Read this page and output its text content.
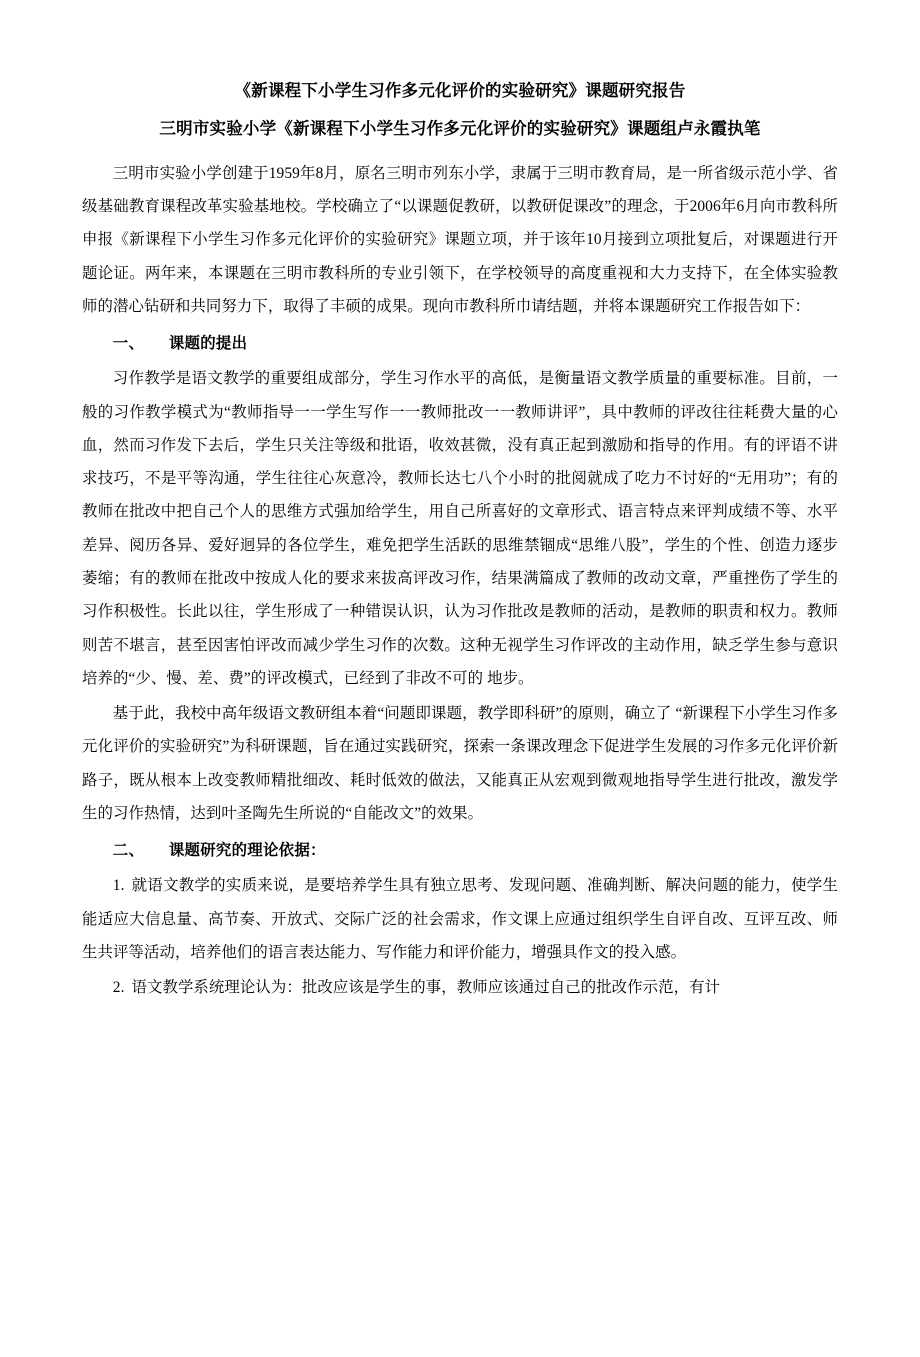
《新课程下小学生习作多元化评价的实验研究》课题研究报告
三明市实验小学《新课程下小学生习作多元化评价的实验研究》课题组卢永霞执笔

三明市实验小学创建于1959年8月，原名三明市列东小学，隶属于三明市教育局，是一所省级示范小学、省级基础教育课程改革实验基地校。学校确立了“以课题促教研，以教研促课改”的理念，于2006年6月向市教科所申报《新课程下小学生习作多元化评价的实验研究》课题立项，并于该年10月接到立项批复后，对课题进行开题论证。两年来，本课题在三明市教科所的专业引领下，在学校领导的高度重视和大力支持下，在全体实验教师的潜心钻研和共同努力下，取得了丰硕的成果。现向市教科所巾请结题，并将本课题研究工作报告如下：

一、 课题的提出

习作教学是语文教学的重要组成部分，学生习作水平的高低，是衡量语文教学质量的重要标准。目前，一般的习作教学模式为“教师指导一一学生写作一一教师批改一一教师讲评”，具中教师的评改往往耗费大量的心血，然而习作发下去后，学生只关注等级和批语，收效甚微，没有真正起到激励和指导的作用。有的评语不讲求技巧，不是平等沟通，学生往往心灰意冷，教师长达七八个小时的批阅就成了吃力不讨好的“无用功”；有的教师在批改中把自己个人的思维方式强加给学生，用自己所喜好的文章形式、语言特点来评判成绩不等、水平差异、阅历各异、爱好迥异的各位学生，难免把学生活跃的思维禁锢成“思维八股”，学生的个性、创造力逐步萎缩；有的教师在批改中按成人化的要求来拔高评改习作，结果满篇成了教师的改动文章，严重挫伤了学生的习作积极性。长此以往，学生形成了一种错误认识，认为习作批改是教师的活动，是教师的职责和权力。教师则苦不堪言，甚至因害怕评改而减少学生习作的次数。这种无视学生习作评改的主动作用，缺乏学生参与意识培养的“少、慢、差、费”的评改模式，已经到了非改不可的 地步。

基于此，我校中高年级语文教研组本着“问题即课题，教学即科研”的原则，确立了 “新课程下小学生习作多元化评价的实验研究”为科研课题，旨在通过实践研究，探索一条课改理念下促进学生发展的习作多元化评价新路子，既从根本上改变教师精批细改、耗时低效的做法，又能真正从宏观到微观地指导学生进行批改，激发学生的习作热情，达到叶圣陶先生所说的“自能改文”的效果。

二、 课题研究的理论依据：

1. 就语文教学的实质来说，是要培养学生具有独立思考、发现问题、准确判断、解决问题的能力，使学生能适应大信息量、高节奏、开放式、交际广泛的社会需求，作文课上应通过组织学生自评自改、互评互改、师生共评等活动，培养他们的语言表达能力、写作能力和评价能力，增强具作文的投入感。

2. 语文教学系统理论认为：批改应该是学生的事，教师应该通过自己的批改作示范，有计
